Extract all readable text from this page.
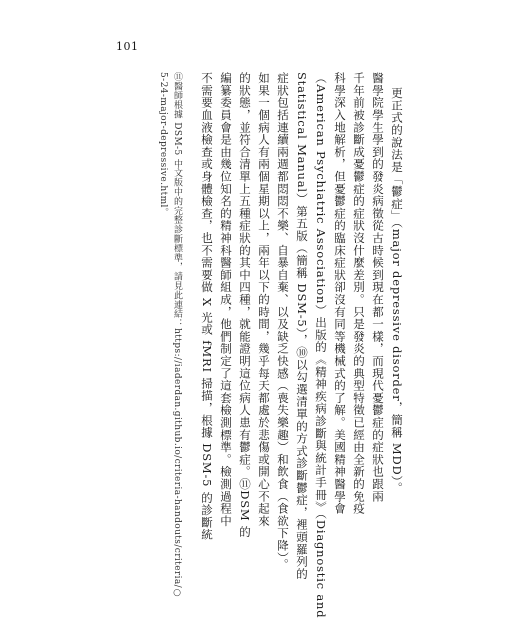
101
更正式的說法是「鬱症」（major depressive disorder，簡稱 MDD）。
醫學院學生學到的發炎病徵從古時候到現在都一樣，而現代憂鬱症的症狀也跟兩
千年前被診斷成憂鬱症的症狀沒什麼差別。只是發炎的典型特徵已經由全新的免疫
科學深入地解析，但憂鬱症的臨床症狀卻沒有同等機械式的了解。美國精神醫學會
（American Psychiatric Association）出版的《精神疾病診斷與統計手冊》（Diagnostic and
Statistical Manual）第五版（簡稱 DSM-5），⑩以勾選清單的方式診斷鬱症，裡頭羅列的
症狀包括連續兩週都悶悶不樂、自暴自棄、以及缺乏快感（喪失樂趣）和飲食（食欲下降）。
如果一個病人有兩個星期以上，兩年以下的時間，幾乎每天都處於悲傷或開心不起來
的狀態，並符合清單上五種症狀的其中四種，就能證明這位病人患有鬱症。⑪DSM 的
編纂委員會是由幾位知名的精神科醫師組成，他們制定了這套檢測標準。檢測過程中
不需要血液檢查或身體檢查，也不需要做 X 光或 fMRI 掃描，根據 DSM-5 的診斷統
⑪醫師根據 DSM-5 中文版中的完整診斷標準，請見此連結：https://iaderdan.github.io/criteria-handouts/criteria/○
5-24-major-depressive.html。
